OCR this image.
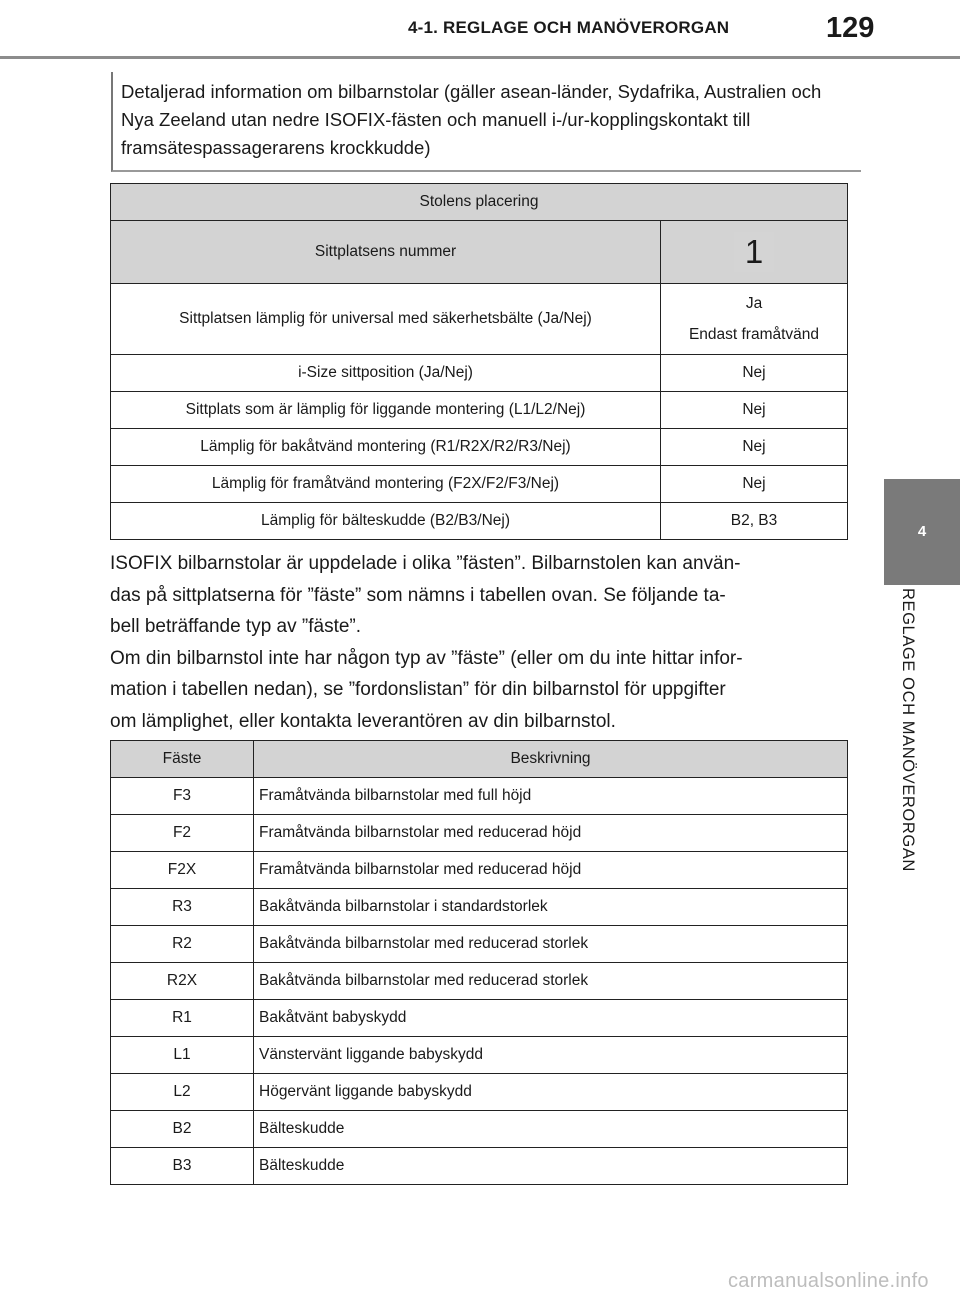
4-1. REGLAGE OCH MANÖVERORGAN	129
4
REGLAGE OCH MANÖVERORGAN
Detaljerad information om bilbarnstolar (gäller asean-länder, Sydafrika, Australien och Nya Zeeland utan nedre ISOFIX-fästen och manuell i-/ur-kopplingskontakt till framsätespassagerarens krockkudde)
Stolens placering	
Sittplatsens nummer	1
Sittplatsen lämplig för universal med säkerhetsbälte (Ja/Nej)	Ja
Endast framåtvänd

i-Size sittposition (Ja/Nej)	Nej
Sittplats som är lämplig för liggande montering (L1/L2/Nej)	Nej
Lämplig för bakåtvänd montering (R1/R2X/R2/R3/Nej)	Nej
Lämplig för framåtvänd montering (F2X/F2/F3/Nej)	Nej
Lämplig för bälteskudde (B2/B3/Nej)	B2, B3
ISOFIX bilbarnstolar är uppdelade i olika ”fästen”. Bilbarnstolen kan använ-
das på sittplatserna för ”fäste” som nämns i tabellen ovan. Se följande ta-
bell beträffande typ av ”fäste”.
Om din bilbarnstol inte har någon typ av ”fäste” (eller om du inte hittar infor-
mation i tabellen nedan), se ”fordonslistan” för din bilbarnstol för uppgifter
om lämplighet, eller kontakta leverantören av din bilbarnstol.
Fäste	Beskrivning
F3	Framåtvända bilbarnstolar med full höjd
F2	Framåtvända bilbarnstolar med reducerad höjd
F2X	Framåtvända bilbarnstolar med reducerad höjd
R3	Bakåtvända bilbarnstolar i standardstorlek
R2	Bakåtvända bilbarnstolar med reducerad storlek
R2X	Bakåtvända bilbarnstolar med reducerad storlek
R1	Bakåtvänt babyskydd
L1	Vänstervänt liggande babyskydd
L2	Högervänt liggande babyskydd
B2	Bälteskudde
B3	Bälteskudde
carmanualsonline.info
